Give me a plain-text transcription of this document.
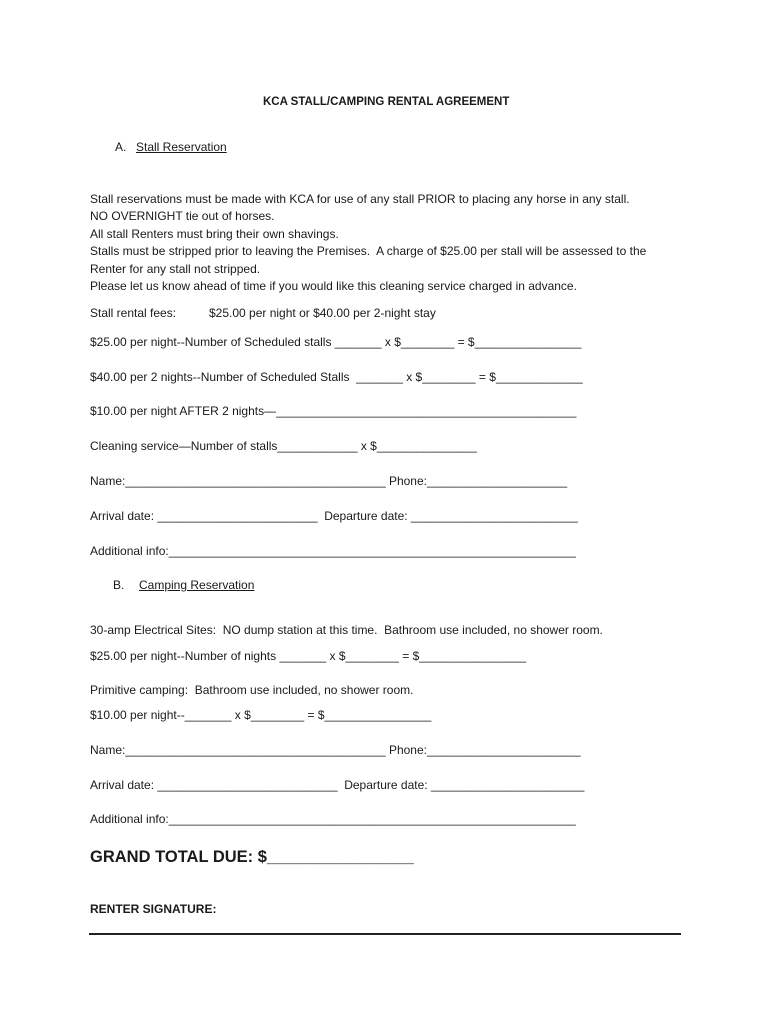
KCA STALL/CAMPING RENTAL AGREEMENT
A. Stall Reservation
Stall reservations must be made with KCA for use of any stall PRIOR to placing any horse in any stall.
NO OVERNIGHT tie out of horses.
All stall Renters must bring their own shavings.
Stalls must be stripped prior to leaving the Premises.  A charge of $25.00 per stall will be assessed to the
Renter for any stall not stripped.
Please let us know ahead of time if you would like this cleaning service charged in advance.
Stall rental fees:	$25.00 per night or $40.00 per 2-night stay
$25.00 per night--Number of Scheduled stalls _______ x $________ = $________________
$40.00 per 2 nights--Number of Scheduled Stalls  _______ x $________ = $_____________
$10.00 per night AFTER 2 nights—_____________________________________________
Cleaning service—Number of stalls____________ x $_______________
Name:_______________________________________ Phone:_____________________
Arrival date: ________________________  Departure date: _________________________
Additional info:_____________________________________________________________
B. Camping Reservation
30-amp Electrical Sites:  NO dump station at this time.  Bathroom use included, no shower room.
$25.00 per night--Number of nights _______ x $________ = $________________
Primitive camping:  Bathroom use included, no shower room.
$10.00 per night--_______ x $________ = $________________
Name:_______________________________________ Phone:_______________________
Arrival date: ___________________________  Departure date: _______________________
Additional info:_____________________________________________________________
GRAND TOTAL DUE: $________________
RENTER SIGNATURE:
